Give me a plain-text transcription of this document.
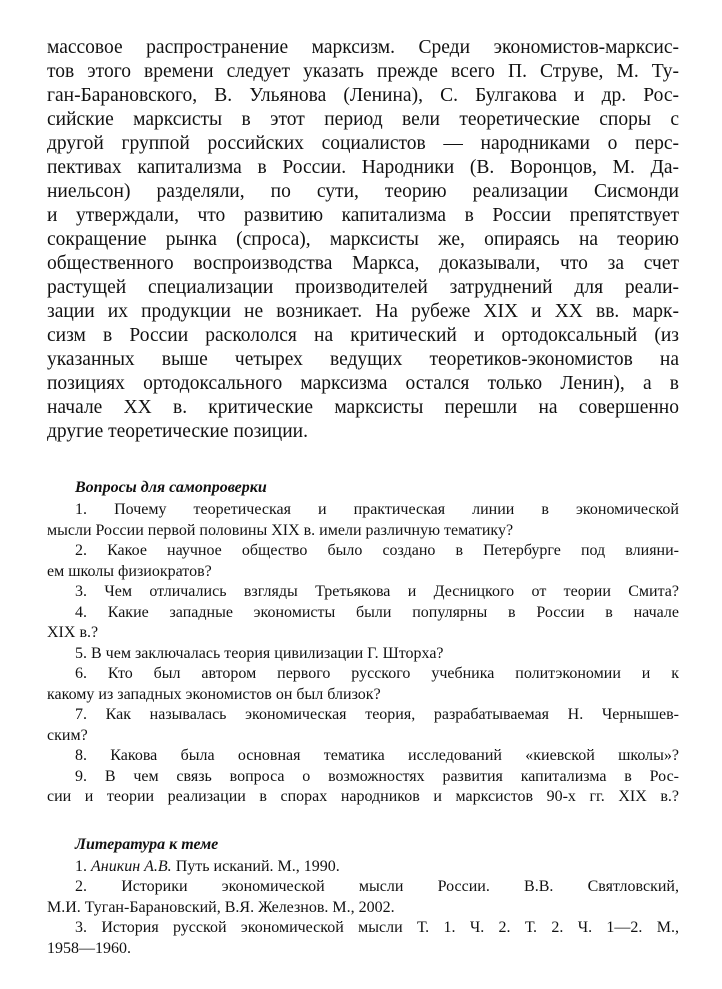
массовое распространение марксизм. Среди экономистов-марксис-
тов этого времени следует указать прежде всего П. Струве, М. Ту-
ган-Барановского, В. Ульянова (Ленина), С. Булгакова и др. Рос-
сийские марксисты в этот период вели теоретические споры с
другой группой российских социалистов — народниками о перс-
пективах капитализма в России. Народники (В. Воронцов, М. Да-
ниельсон) разделяли, по сути, теорию реализации Сисмонди
и утверждали, что развитию капитализма в России препятствует
сокращение рынка (спроса), марксисты же, опираясь на теорию
общественного воспроизводства Маркса, доказывали, что за счет
растущей специализации производителей затруднений для реали-
зации их продукции не возникает. На рубеже XIX и XX вв. марк-
сизм в России раскололся на критический и ортодоксальный (из
указанных выше четырех ведущих теоретиков-экономистов на
позициях ортодоксального марксизма остался только Ленин), а в
начале XX в. критические марксисты перешли на совершенно
другие теоретические позиции.
Вопросы для самопроверки
1. Почему теоретическая и практическая линии в экономической
мысли России первой половины XIX в. имели различную тематику?
2. Какое научное общество было создано в Петербурге под влияни-
ем школы физиократов?
3. Чем отличались взгляды Третьякова и Десницкого от теории Смита?
4. Какие западные экономисты были популярны в России в начале
XIX в.?
5. В чем заключалась теория цивилизации Г. Шторха?
6. Кто был автором первого русского учебника политэкономии и к
какому из западных экономистов он был близок?
7. Как называлась экономическая теория, разрабатываемая Н. Чернышев-
ским?
8. Какова была основная тематика исследований «киевской школы»?
9. В чем связь вопроса о возможностях развития капитализма в Рос-
сии и теории реализации в спорах народников и марксистов 90-х гг. XIX в.?
Литература к теме
1. Аникин А.В. Путь исканий. М., 1990.
2. Историки экономической мысли России. В.В. Святловский,
М.И. Туган-Барановский, В.Я. Железнов. М., 2002.
3. История русской экономической мысли Т. 1. Ч. 2. Т. 2. Ч. 1—2. М.,
1958—1960.
